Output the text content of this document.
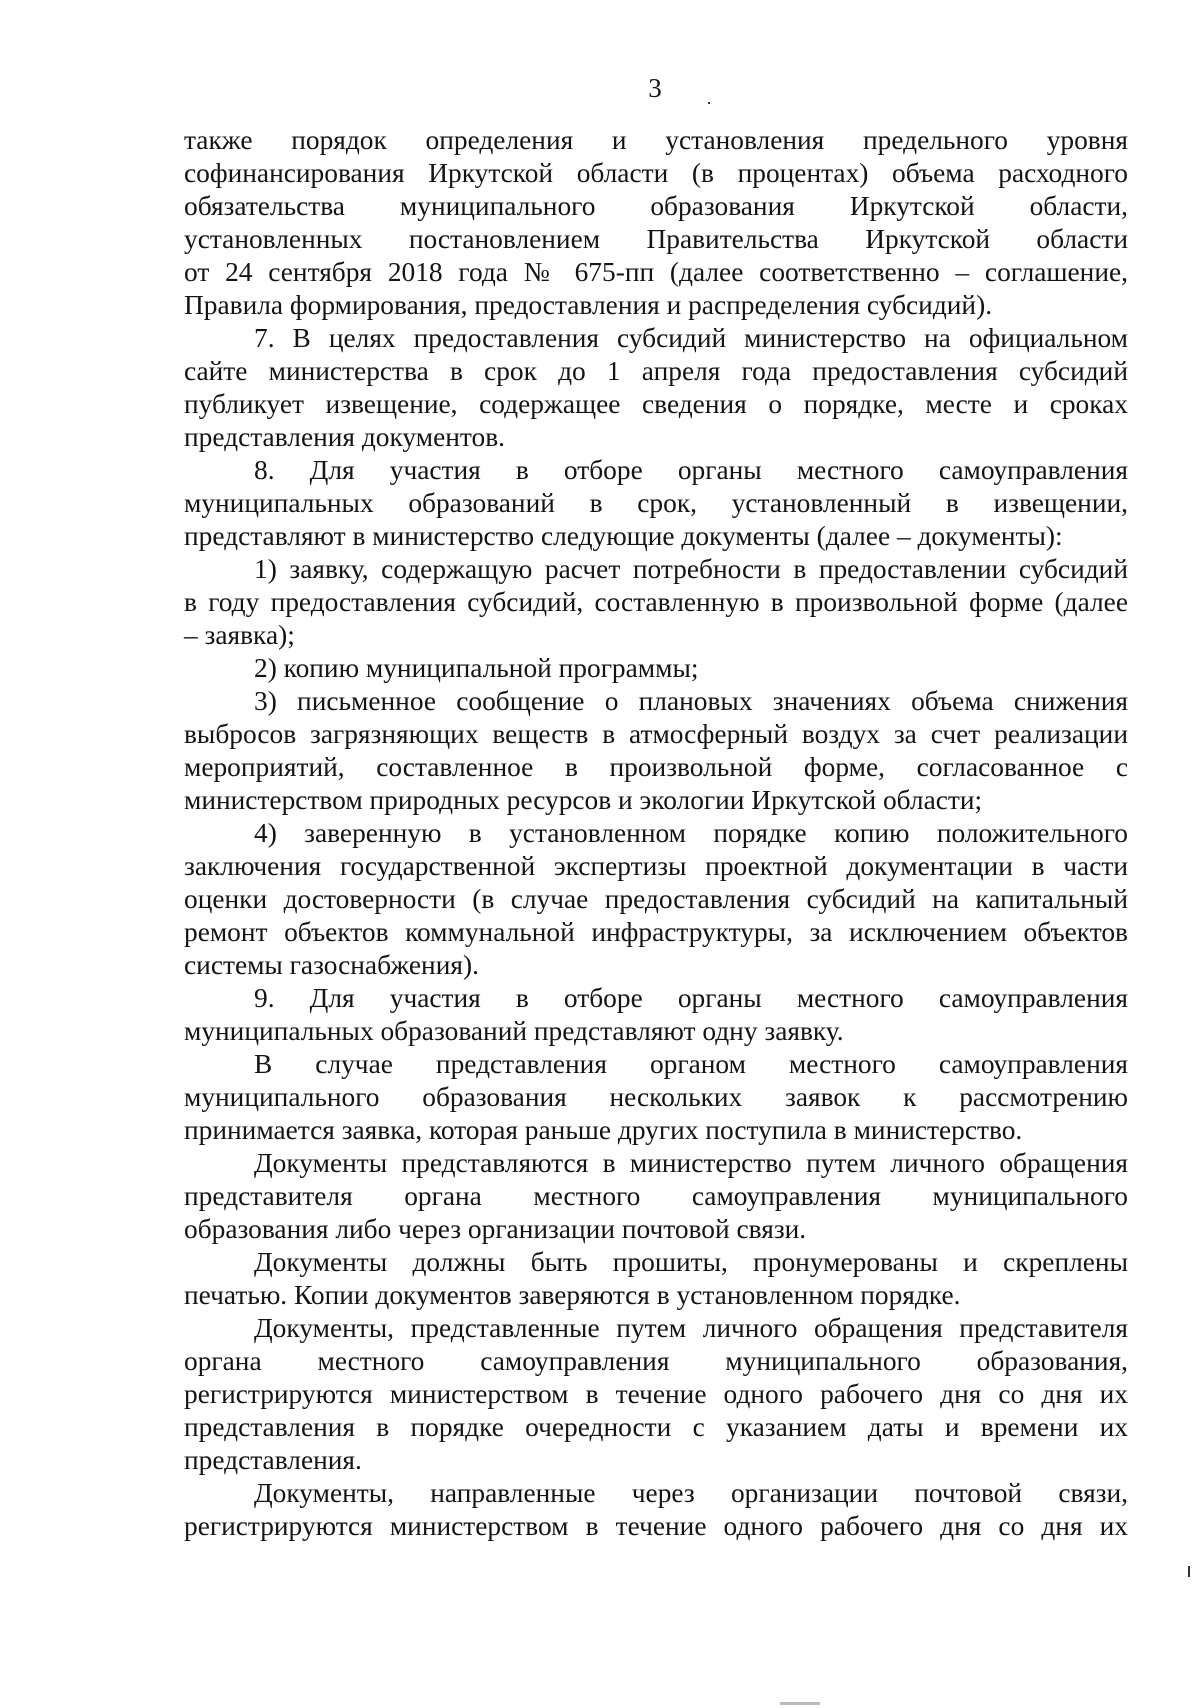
3

также порядок определения и установления предельного уровня

софинансирования Иркутской области (в процентах) объема расходного

обязательства муниципального образования Иркутской области,

установленных постановлением Правительства Иркутской области

от 24 сентября 2018 года № 675-пп (далее соответственно – соглашение,

Правила формирования, предоставления и распределения субсидий).

7. В целях предоставления субсидий министерство на официальном

сайте министерства в срок до 1 апреля года предоставления субсидий

публикует извещение, содержащее сведения о порядке, месте и сроках

представления документов.

8. Для участия в отборе органы местного самоуправления

муниципальных образований в срок, установленный в извещении,

представляют в министерство следующие документы (далее – документы):

1) заявку, содержащую расчет потребности в предоставлении субсидий

в году предоставления субсидий, составленную в произвольной форме (далее

– заявка);

2) копию муниципальной программы;

3) письменное сообщение о плановых значениях объема снижения

выбросов загрязняющих веществ в атмосферный воздух за счет реализации

мероприятий, составленное в произвольной форме, согласованное с

министерством природных ресурсов и экологии Иркутской области;

4) заверенную в установленном порядке копию положительного

заключения государственной экспертизы проектной документации в части

оценки достоверности (в случае предоставления субсидий на капитальный

ремонт объектов коммунальной инфраструктуры, за исключением объектов

системы газоснабжения).

9. Для участия в отборе органы местного самоуправления

муниципальных образований представляют одну заявку.

В случае представления органом местного самоуправления

муниципального образования нескольких заявок к рассмотрению

принимается заявка, которая раньше других поступила в министерство.

Документы представляются в министерство путем личного обращения

представителя органа местного самоуправления муниципального

образования либо через организации почтовой связи.

Документы должны быть прошиты, пронумерованы и скреплены

печатью. Копии документов заверяются в установленном порядке.

Документы, представленные путем личного обращения представителя

органа местного самоуправления муниципального образования,

регистрируются министерством в течение одного рабочего дня со дня их

представления в порядке очередности с указанием даты и времени их

представления.

Документы, направленные через организации почтовой связи,

регистрируются министерством в течение одного рабочего дня со дня их
